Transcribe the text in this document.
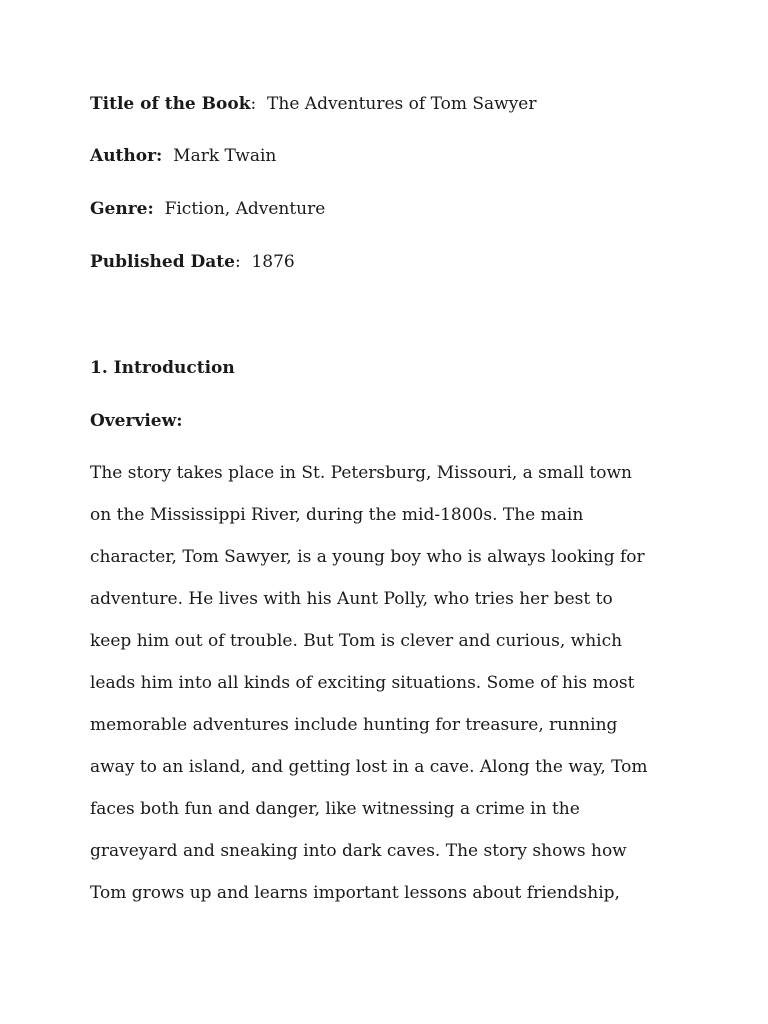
Title of the Book:  The Adventures of Tom Sawyer
Author: Mark Twain
Genre: Fiction, Adventure
Published Date:  1876
1. Introduction
Overview:
The story takes place in St. Petersburg, Missouri, a small town
on the Mississippi River, during the mid-1800s. The main
character, Tom Sawyer, is a young boy who is always looking for
adventure. He lives with his Aunt Polly, who tries her best to
keep him out of trouble. But Tom is clever and curious, which
leads him into all kinds of exciting situations. Some of his most
memorable adventures include hunting for treasure, running
away to an island, and getting lost in a cave. Along the way, Tom
faces both fun and danger, like witnessing a crime in the
graveyard and sneaking into dark caves. The story shows how
Tom grows up and learns important lessons about friendship,
